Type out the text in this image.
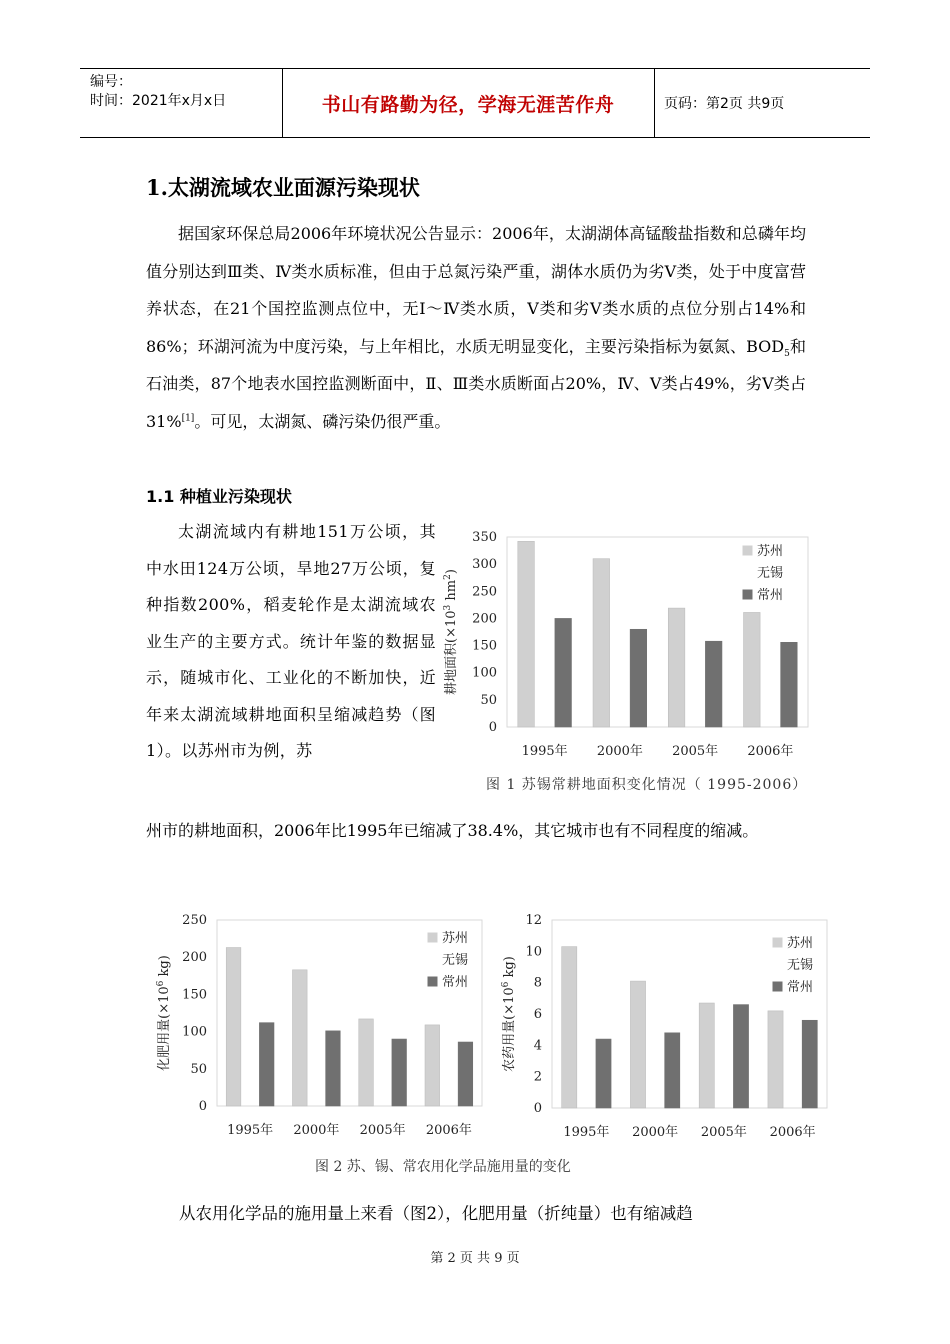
编号：
时间：2021年x月x日	书山有路勤为径，学海无涯苦作舟	页码：第2页 共9页
1.太湖流域农业面源污染现状

据国家环保总局2006年环境状况公告显示：2006年，太湖湖体高锰酸盐指数和总磷年均值分别达到Ⅲ类、Ⅳ类水质标准，但由于总氮污染严重，湖体水质仍为劣Ⅴ类，处于中度富营养状态，在21个国控监测点位中，无Ⅰ～Ⅳ类水质，Ⅴ类和劣Ⅴ类水质的点位分别占14%和86%；环湖河流为中度污染，与上年相比，水质无明显变化，主要污染指标为氨氮、$BOD_5$和石油类，87个地表水国控监测断面中，Ⅱ、Ⅲ类水质断面占20%，Ⅳ、Ⅴ类占49%，劣Ⅴ类占31%[1]。可见，太湖氮、磷污染仍很严重。

1.1 种植业污染现状

太湖流域内有耕地151万公顷，其中水田124万公顷，旱地27万公顷，复种指数200%，稻麦轮作是太湖流域农业生产的主要方式。统计年鉴的数据显示，随城市化、工业化的不断加快，近年来太湖流域耕地面积呈缩减趋势（图1）。以苏州市为例，苏

0
50
100
150
200
250
300
350
耕地面积($\times 10^3$ $hm^2$)
1995年 2000年 2005年 2006年
苏州
无锡
常州
图 1 苏锡常耕地面积变化情况（ 1995-2006）

州市的耕地面积，2006年比1995年已缩减了38.4%，其它城市也有不同程度的缩减。

0
50
100
150
200
250
化肥用量($\times 10^6$ kg)
1995年 2000年 2005年 2006年
苏州
无锡
常州
0
2
4
6
8
10
12
农药用量($\times 10^6$ kg)
1995年 2000年 2005年 2006年
苏州
无锡
常州
图 2 苏、锡、常农用化学品施用量的变化

从农用化学品的施用量上来看（图2），化肥用量（折纯量）也有缩减趋

第 2 页 共 9 页
